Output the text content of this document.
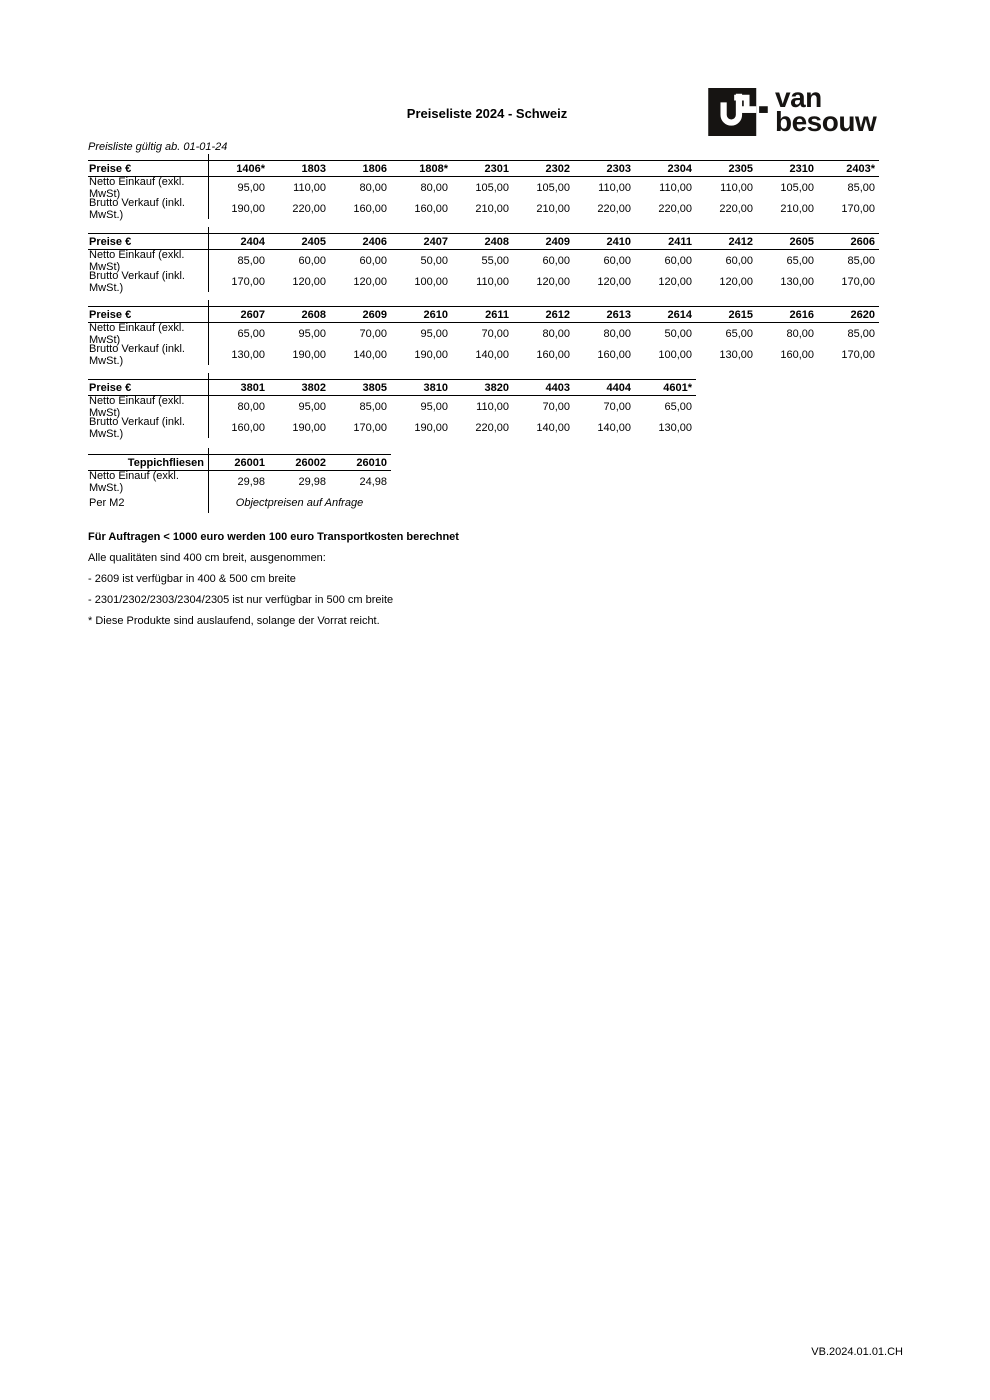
Preiseliste 2024 - Schweiz
van
besouw
Preisliste gültig ab. 01-01-24
Preise €	1406*	1803	1806	1808*	2301	2302	2303	2304	2305	2310	2403*
Netto Einkauf (exkl. MwSt)	95,00	110,00	80,00	80,00	105,00	105,00	110,00	110,00	110,00	105,00	85,00
Brutto Verkauf (inkl. MwSt.)	190,00	220,00	160,00	160,00	210,00	210,00	220,00	220,00	220,00	210,00	170,00
Preise €	2404	2405	2406	2407	2408	2409	2410	2411	2412	2605	2606
Netto Einkauf (exkl. MwSt)	85,00	60,00	60,00	50,00	55,00	60,00	60,00	60,00	60,00	65,00	85,00
Brutto Verkauf (inkl. MwSt.)	170,00	120,00	120,00	100,00	110,00	120,00	120,00	120,00	120,00	130,00	170,00
Preise €	2607	2608	2609	2610	2611	2612	2613	2614	2615	2616	2620
Netto Einkauf (exkl. MwSt)	65,00	95,00	70,00	95,00	70,00	80,00	80,00	50,00	65,00	80,00	85,00
Brutto Verkauf (inkl. MwSt.)	130,00	190,00	140,00	190,00	140,00	160,00	160,00	100,00	130,00	160,00	170,00
Preise €	3801	3802	3805	3810	3820	4403	4404	4601*
Netto Einkauf (exkl. MwSt)	80,00	95,00	85,00	95,00	110,00	70,00	70,00	65,00
Brutto Verkauf (inkl. MwSt.)	160,00	190,00	170,00	190,00	220,00	140,00	140,00	130,00
Teppichfliesen	26001	26002	26010
Netto Einauf (exkl. MwSt.)	29,98	29,98	24,98
Per M2	Objectpreisen auf Anfrage
Für Auftragen < 1000 euro werden 100 euro Transportkosten berechnet
Alle qualitäten sind 400 cm breit, ausgenommen:
- 2609 ist verfügbar in 400 & 500 cm breite
- 2301/2302/2303/2304/2305 ist nur verfügbar in 500 cm breite
* Diese Produkte sind auslaufend, solange der Vorrat reicht.
VB.2024.01.01.CH
